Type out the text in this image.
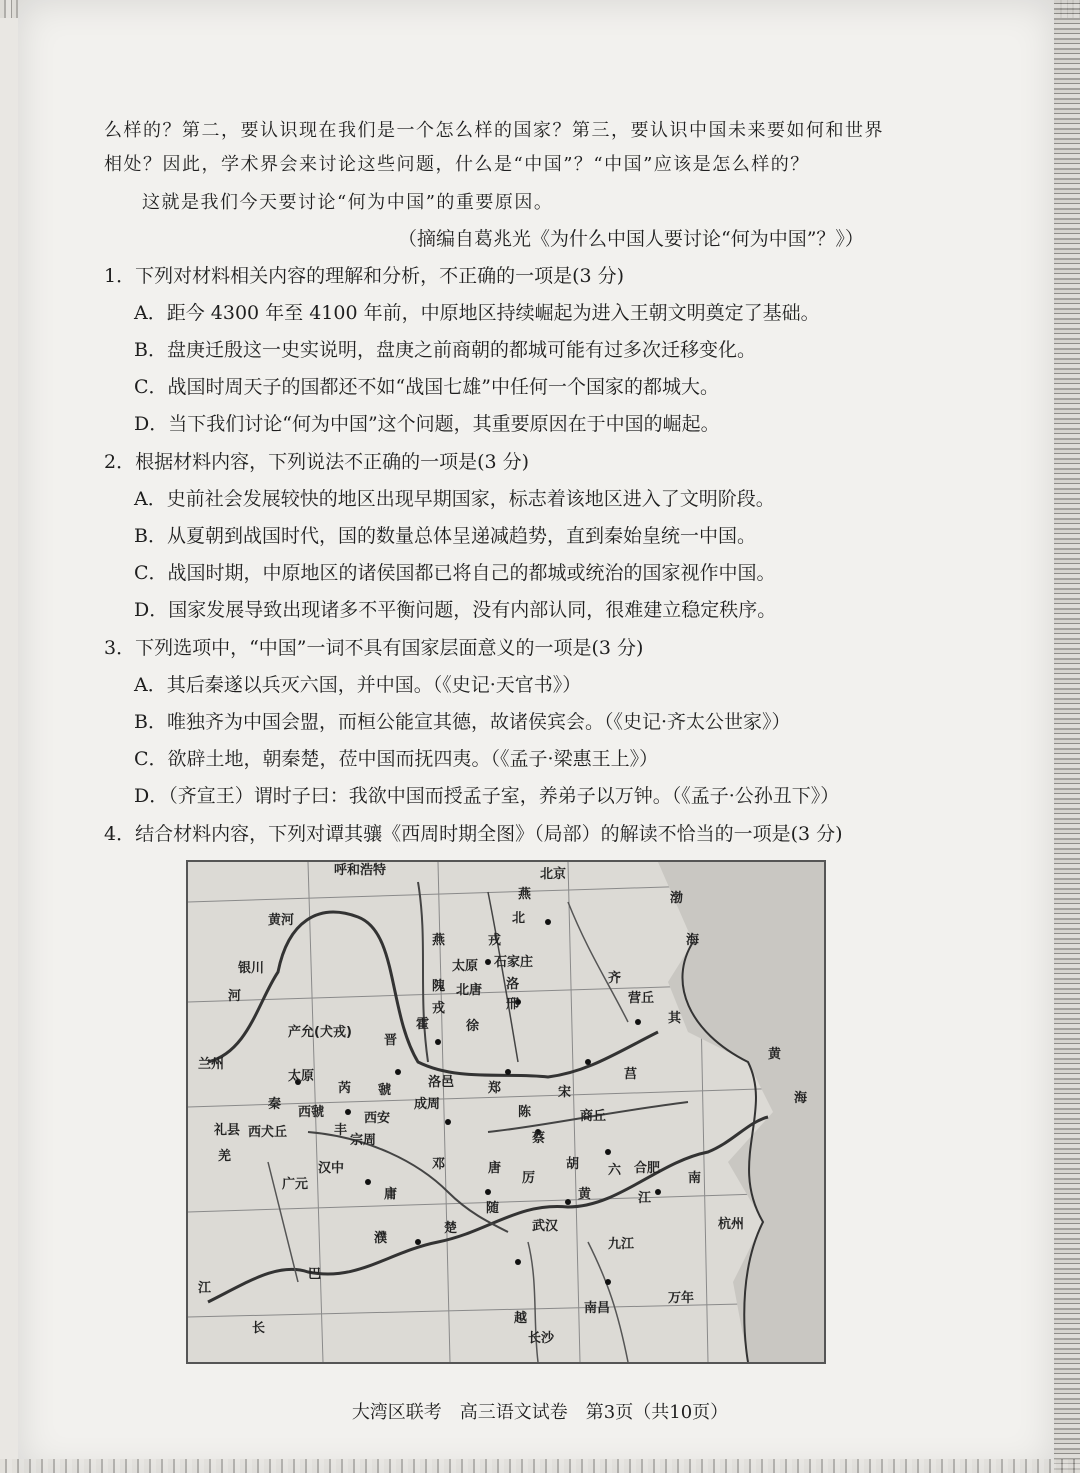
么样的？第二，要认识现在我们是一个怎么样的国家？第三，要认识中国未来要如何和世界
相处？因此，学术界会来讨论这些问题，什么是“中国”？“中国”应该是怎么样的？
这就是我们今天要讨论“何为中国”的重要原因。
（摘编自葛兆光《为什么中国人要讨论“何为中国”？》）
1．下列对材料相关内容的理解和分析，不正确的一项是(3 分)
A．距今 4300 年至 4100 年前，中原地区持续崛起为进入王朝文明奠定了基础。
B．盘庚迁殷这一史实说明，盘庚之前商朝的都城可能有过多次迁移变化。
C．战国时周天子的国都还不如“战国七雄”中任何一个国家的都城大。
D．当下我们讨论“何为中国”这个问题，其重要原因在于中国的崛起。
2．根据材料内容，下列说法不正确的一项是(3 分)
A．史前社会发展较快的地区出现早期国家，标志着该地区进入了文明阶段。
B．从夏朝到战国时代，国的数量总体呈递减趋势，直到秦始皇统一中国。
C．战国时期，中原地区的诸侯国都已将自己的都城或统治的国家视作中国。
D．国家发展导致出现诸多不平衡问题，没有内部认同，很难建立稳定秩序。
3．下列选项中，“中国”一词不具有国家层面意义的一项是(3 分)
A．其后秦遂以兵灭六国，并中国。（《史记·天官书》）
B．唯独齐为中国会盟，而桓公能宣其德，故诸侯宾会。（《史记·齐太公世家》）
C．欲辟土地，朝秦楚，莅中国而抚四夷。（《孟子·梁惠王上》）
D．（齐宣王）谓时子曰：我欲中国而授孟子室，养弟子以万钟。（《孟子·公孙丑下》）
4．结合材料内容，下列对谭其骧《西周时期全图》（局部）的解读不恰当的一项是(3 分)
呼和浩特	北京
燕	渤
黄河	北
戎	海
燕
太原 石家庄
银川
隗 北唐 洛
河
戎	邢
齐
营丘
产允(犬戎)
霍	徐
晋
其
兰州
太原
芮 虢
洛邑	郑	宋
莒
黄
秦
西虢
成周
商丘
礼县 西犬丘
西安
丰
宗周
陈
蔡
羌
汉中	唐
厉
胡 六 合肥
广元
邓
庸	黄
南
濮
楚
随
武汉
江
杭州
巴
九江
越
长沙
南昌
万年
长
江
海
大湾区联考　高三语文试卷　第3页（共10页）
